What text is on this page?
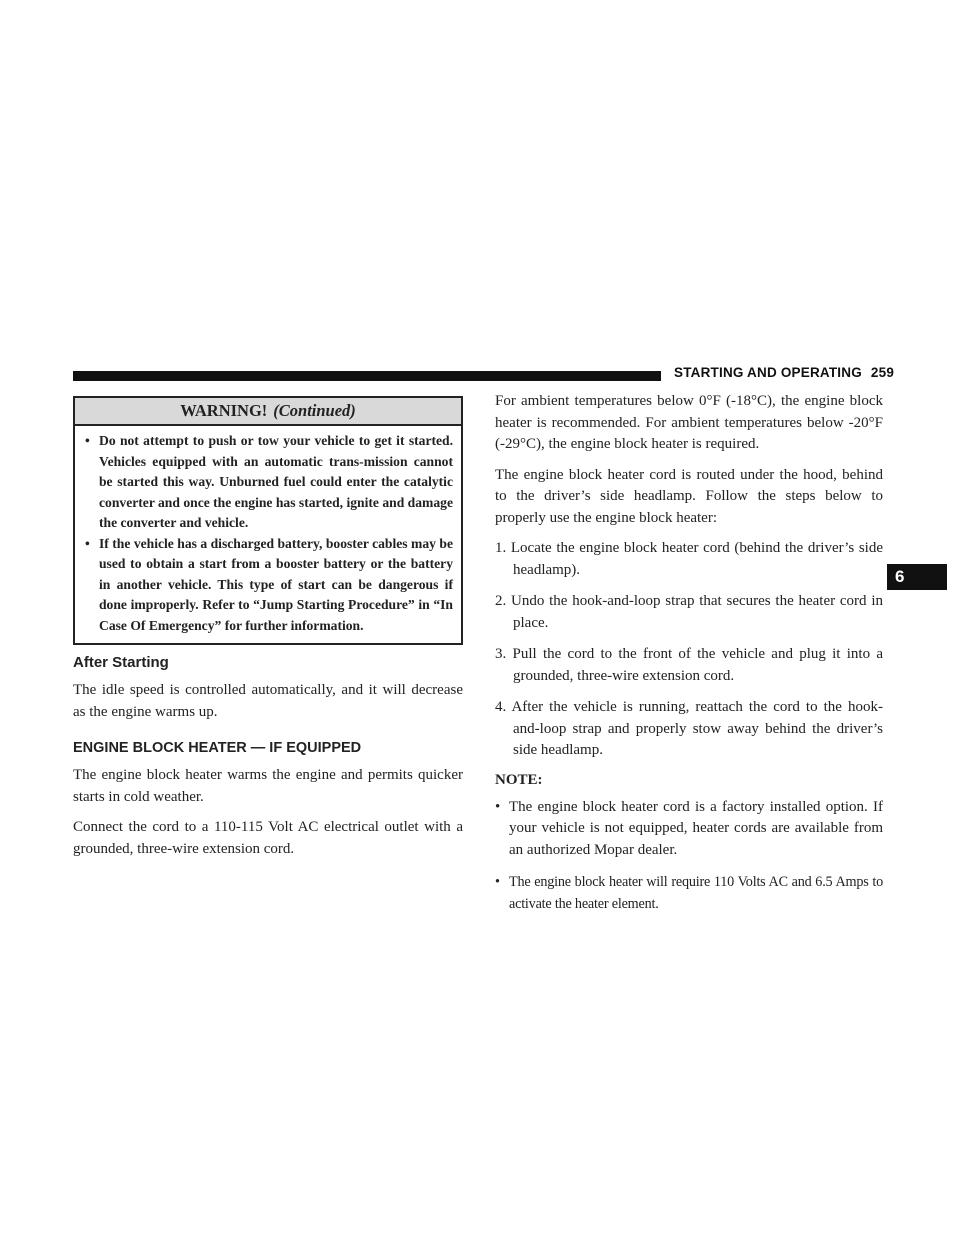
STARTING AND OPERATING 259
6
WARNING! (Continued)
• Do not attempt to push or tow your vehicle to get it started. Vehicles equipped with an automatic trans-mission cannot be started this way. Unburned fuel could enter the catalytic converter and once the engine has started, ignite and damage the converter and vehicle.
• If the vehicle has a discharged battery, booster cables may be used to obtain a start from a booster battery or the battery in another vehicle. This type of start can be dangerous if done improperly. Refer to “Jump Starting Procedure” in “In Case Of Emergency” for further information.
After Starting

The idle speed is controlled automatically, and it will decrease as the engine warms up.

ENGINE BLOCK HEATER — IF EQUIPPED

The engine block heater warms the engine and permits quicker starts in cold weather.

Connect the cord to a 110-115 Volt AC electrical outlet with a grounded, three-wire extension cord.

For ambient temperatures below 0°F (-18°C), the engine block heater is recommended. For ambient temperatures below -20°F (-29°C), the engine block heater is required.

The engine block heater cord is routed under the hood, behind to the driver’s side headlamp. Follow the steps below to properly use the engine block heater:

1. Locate the engine block heater cord (behind the driver’s side headlamp).
2. Undo the hook-and-loop strap that secures the heater cord in place.
3. Pull the cord to the front of the vehicle and plug it into a grounded, three-wire extension cord.
4. After the vehicle is running, reattach the cord to the hook-and-loop strap and properly stow away behind the driver’s side headlamp.
NOTE:
• The engine block heater cord is a factory installed option. If your vehicle is not equipped, heater cords are available from an authorized Mopar dealer.
• The engine block heater will require 110 Volts AC and 6.5 Amps to activate the heater element.
